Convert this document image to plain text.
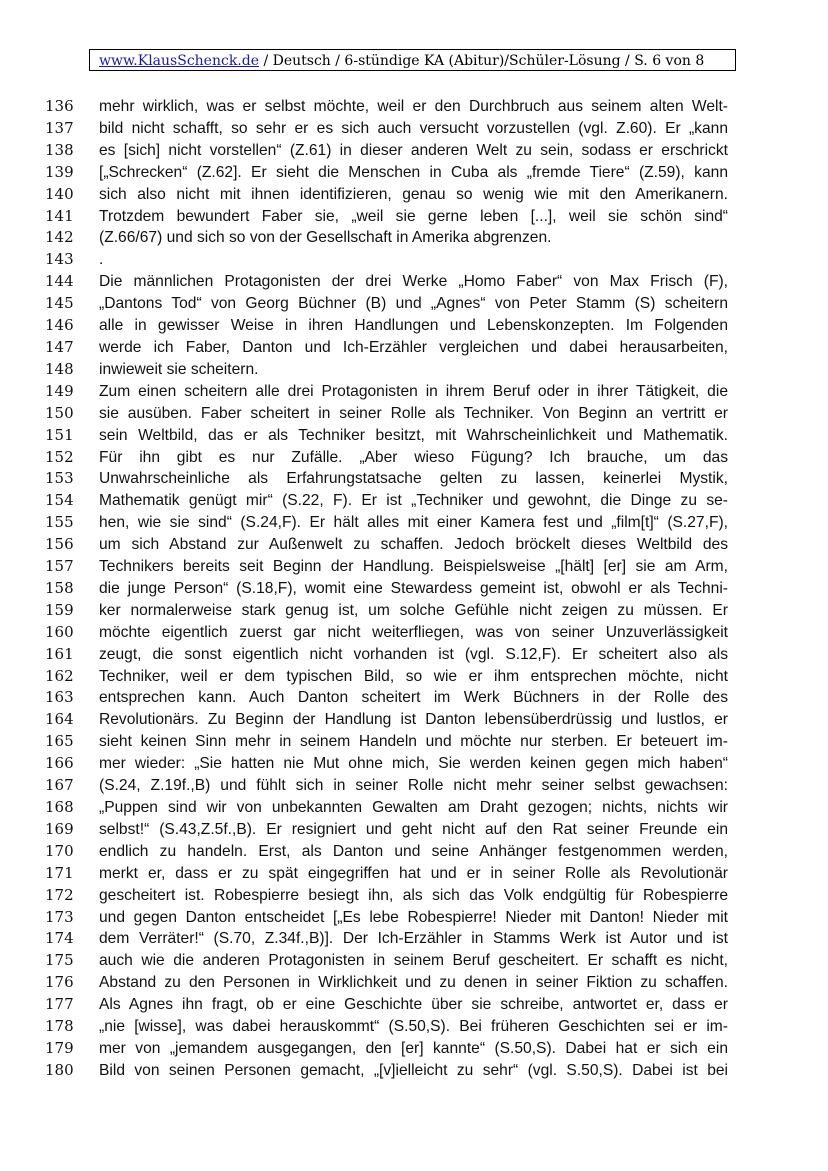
www.KlausSchenck.de / Deutsch / 6-stündige KA (Abitur)/Schüler-Lösung / S. 6 von 8
136 mehr wirklich, was er selbst möchte, weil er den Durchbruch aus seinem alten Welt-
137 bild nicht schafft, so sehr er es sich auch versucht vorzustellen (vgl. Z.60). Er „kann
138 es [sich] nicht vorstellen“ (Z.61) in dieser anderen Welt zu sein, sodass er erschrickt
139 [„Schrecken“ (Z.62]. Er sieht die Menschen in Cuba als „fremde Tiere“ (Z.59), kann
140 sich also nicht mit ihnen identifizieren, genau so wenig wie mit den Amerikanern.
141 Trotzdem bewundert Faber sie, „weil sie gerne leben [...], weil sie schön sind“
142 (Z.66/67) und sich so von der Gesellschaft in Amerika abgrenzen.
143 .
144 Die männlichen Protagonisten der drei Werke „Homo Faber“ von Max Frisch (F),
145 „Dantons Tod“ von Georg Büchner (B) und „Agnes“ von Peter Stamm (S) scheitern
146 alle in gewisser Weise in ihren Handlungen und Lebenskonzepten. Im Folgenden
147 werde ich Faber, Danton und Ich-Erzähler vergleichen und dabei herausarbeiten,
148 inwieweit sie scheitern.
149 Zum einen scheitern alle drei Protagonisten in ihrem Beruf oder in ihrer Tätigkeit, die
150 sie ausüben. Faber scheitert in seiner Rolle als Techniker. Von Beginn an vertritt er
151 sein Weltbild, das er als Techniker besitzt, mit Wahrscheinlichkeit und Mathematik.
152 Für ihn gibt es nur Zufälle. „Aber wieso Fügung? Ich brauche, um das
153 Unwahrscheinliche als Erfahrungstatsache gelten zu lassen, keinerlei Mystik,
154 Mathematik genügt mir“ (S.22, F). Er ist „Techniker und gewohnt, die Dinge zu se-
155 hen, wie sie sind“ (S.24,F). Er hält alles mit einer Kamera fest und „film[t]“ (S.27,F),
156 um sich Abstand zur Außenwelt zu schaffen. Jedoch bröckelt dieses Weltbild des
157 Technikers bereits seit Beginn der Handlung. Beispielsweise „[hält] [er] sie am Arm,
158 die junge Person“ (S.18,F), womit eine Stewardess gemeint ist, obwohl er als Techni-
159 ker normalerweise stark genug ist, um solche Gefühle nicht zeigen zu müssen. Er
160 möchte eigentlich zuerst gar nicht weiterfliegen, was von seiner Unzuverlässigkeit
161 zeugt, die sonst eigentlich nicht vorhanden ist (vgl. S.12,F). Er scheitert also als
162 Techniker, weil er dem typischen Bild, so wie er ihm entsprechen möchte, nicht
163 entsprechen kann. Auch Danton scheitert im Werk Büchners in der Rolle des
164 Revolutionärs. Zu Beginn der Handlung ist Danton lebensüberdrüssig und lustlos, er
165 sieht keinen Sinn mehr in seinem Handeln und möchte nur sterben. Er beteuert im-
166 mer wieder: „Sie hatten nie Mut ohne mich, Sie werden keinen gegen mich haben“
167 (S.24, Z.19f.,B) und fühlt sich in seiner Rolle nicht mehr seiner selbst gewachsen:
168 „Puppen sind wir von unbekannten Gewalten am Draht gezogen; nichts, nichts wir
169 selbst!“ (S.43,Z.5f.,B). Er resigniert und geht nicht auf den Rat seiner Freunde ein
170 endlich zu handeln. Erst, als Danton und seine Anhänger festgenommen werden,
171 merkt er, dass er zu spät eingegriffen hat und er in seiner Rolle als Revolutionär
172 gescheitert ist. Robespierre besiegt ihn, als sich das Volk endgültig für Robespierre
173 und gegen Danton entscheidet [„Es lebe Robespierre! Nieder mit Danton! Nieder mit
174 dem Verräter!“ (S.70, Z.34f.,B)]. Der Ich-Erzähler in Stamms Werk ist Autor und ist
175 auch wie die anderen Protagonisten in seinem Beruf gescheitert. Er schafft es nicht,
176 Abstand zu den Personen in Wirklichkeit und zu denen in seiner Fiktion zu schaffen.
177 Als Agnes ihn fragt, ob er eine Geschichte über sie schreibe, antwortet er, dass er
178 „nie [wisse], was dabei herauskommt“ (S.50,S). Bei früheren Geschichten sei er im-
179 mer von „jemandem ausgegangen, den [er] kannte“ (S.50,S). Dabei hat er sich ein
180 Bild von seinen Personen gemacht, „[v]ielleicht zu sehr“ (vgl. S.50,S). Dabei ist bei
